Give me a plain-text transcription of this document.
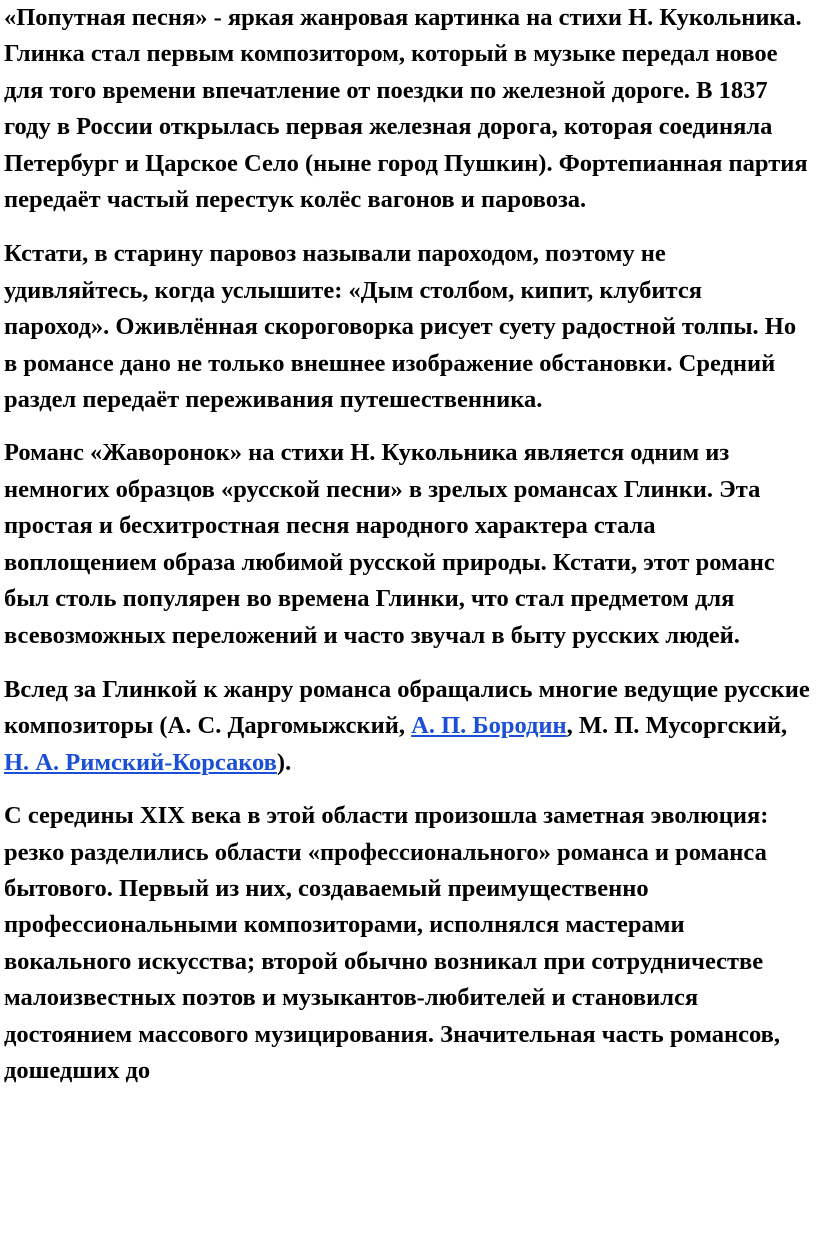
«Попутная песня» - яркая жанровая картинка на стихи Н. Кукольника. Глинка стал первым композитором, который в музыке передал новое для того времени впечатление от поездки по железной дороге. В 1837 году в России открылась первая железная дорога, которая соединяла Петербург и Царское Село (ныне город Пушкин). Фортепианная партия передаёт частый перестук колёс вагонов и паровоза.

Кстати, в старину паровоз называли пароходом, поэтому не удивляйтесь, когда услышите: «Дым столбом, кипит, клубится пароход». Оживлённая скороговорка рисует суету радостной толпы. Но в романсе дано не только внешнее изображение обстановки. Средний раздел передаёт переживания путешественника.

Романс «Жаворонок» на стихи Н. Кукольника является одним из немногих образцов «русской песни» в зрелых романсах Глинки. Эта простая и бесхитростная песня народного характера стала воплощением образа любимой русской природы. Кстати, этот романс был столь популярен во времена Глинки, что стал предметом для всевозможных переложений и часто звучал в быту русских людей.

Вслед за Глинкой к жанру романса обращались многие ведущие русские композиторы (А. С. Даргомыжский, А. П. Бородин, М. П. Мусоргский, Н. А. Римский-Корсаков).

С середины XIX века в этой области произошла заметная эволюция: резко разделились области «профессионального» романса и романса бытового. Первый из них, создаваемый преимущественно профессиональными композиторами, исполнялся мастерами вокального искусства; второй обычно возникал при сотрудничестве малоизвестных поэтов и музыкантов-любителей и становился достоянием массового музицирования. Значительная часть романсов, дошедших до
